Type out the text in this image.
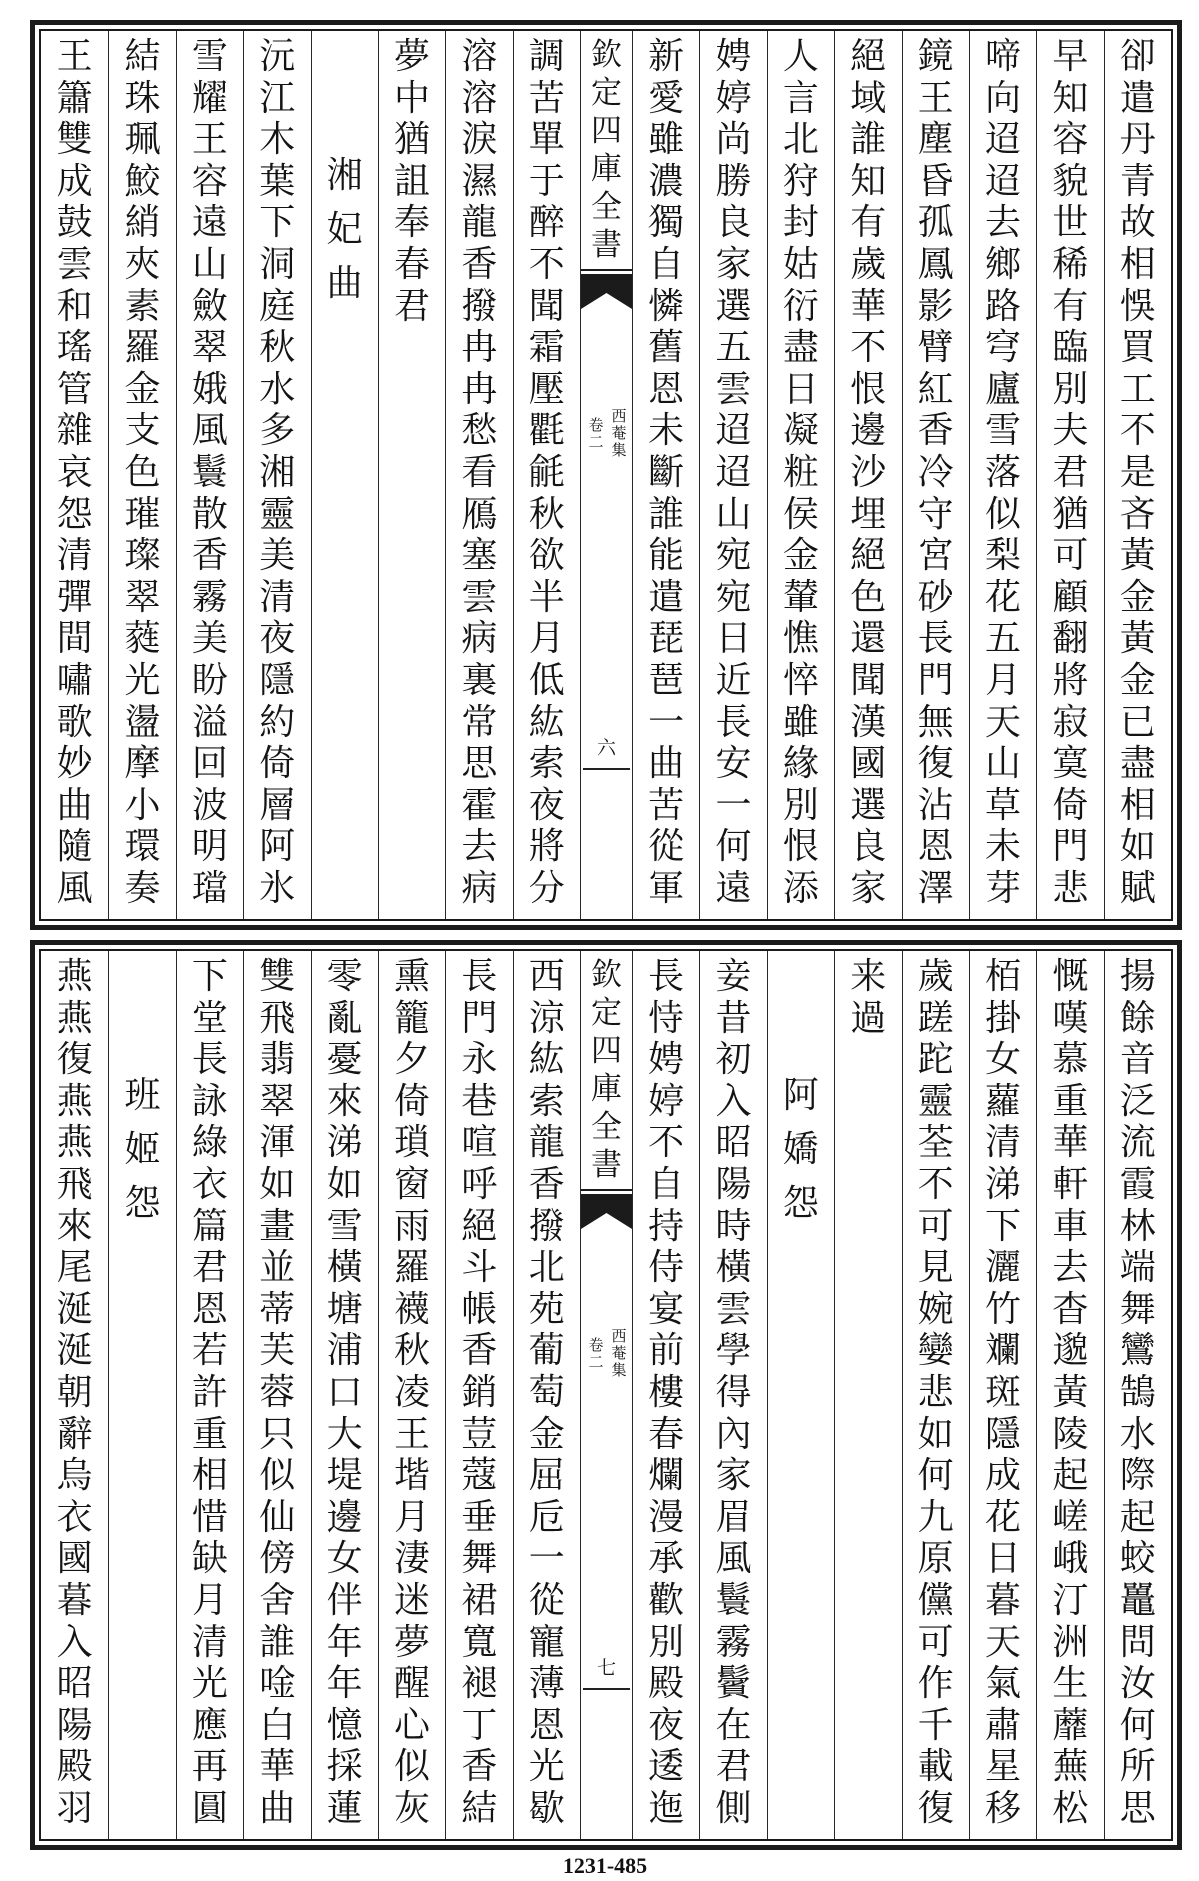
卻
遣
丹
青
故
相
悞
買
工
不
是
吝
黃
金
黃
金
已
盡
相
如
賦
早
知
容
貌
世
稀
有
臨
別
夫
君
猶
可
顧
翻
將
寂
寞
倚
門
悲
啼
向
迢
迢
去
鄉
路
穹
廬
雪
落
似
梨
花
五
月
天
山
草
未
芽
鏡
王
塵
昏
孤
鳳
影
臂
紅
香
冷
守
宮
砂
長
門
無
復
沾
恩
澤
絕
域
誰
知
有
歲
華
不
恨
邊
沙
埋
絕
色
還
聞
漢
國
選
良
家
人
言
北
狩
封
姑
衍
盡
日
凝
粧
侯
金
輦
憔
悴
雖
緣
別
恨
添
娉
婷
尚
勝
良
家
選
五
雲
迢
迢
山
宛
宛
日
近
長
安
一
何
遠
新
愛
雖
濃
獨
自
憐
舊
恩
未
斷
誰
能
遣
琵
琶
一
曲
苦
從
軍
欽
定
四
庫
全
書
西
菴
集
卷
二
六
調
苦
單
于
醉
不
聞
霜
壓
氍
毹
秋
欲
半
月
低
紘
索
夜
將
分
溶
溶
淚
濕
龍
香
撥
冉
冉
愁
看
鴈
塞
雲
病
裏
常
思
霍
去
病
夢
中
猶
詛
奉
春
君
湘
妃
曲
沅
江
木
葉
下
洞
庭
秋
水
多
湘
靈
美
清
夜
隱
約
倚
層
阿
氷
雪
耀
王
容
遠
山
斂
翠
娥
風
鬟
散
香
霧
美
盼
溢
回
波
明
璫
結
珠
珮
鮫
綃
夾
素
羅
金
支
色
璀
璨
翠
蕤
光
盪
摩
小
環
奏
王
簫
雙
成
鼓
雲
和
瑤
管
雜
哀
怨
清
彈
間
嘯
歌
妙
曲
隨
風
揚
餘
音
泛
流
霞
林
端
舞
鸞
鵠
水
際
起
蛟
鼉
問
汝
何
所
思
慨
嘆
慕
重
華
軒
車
去
杳
邈
黃
陵
起
嵯
峨
汀
洲
生
蘼
蕪
松
栢
掛
女
蘿
清
涕
下
灑
竹
斕
斑
隱
成
花
日
暮
天
氣
肅
星
移
歲
蹉
跎
靈
荃
不
可
見
婉
孌
悲
如
何
九
原
儻
可
作
千
載
復
来
過
阿
嬌
怨
妾
昔
初
入
昭
陽
時
橫
雲
學
得
內
家
眉
風
鬟
霧
鬢
在
君
側
長
恃
娉
婷
不
自
持
侍
宴
前
樓
春
爛
漫
承
歡
別
殿
夜
逶
迤
欽
定
四
庫
全
書
西
菴
集
卷
二
七
西
涼
紘
索
龍
香
撥
北
苑
葡
萄
金
屈
卮
一
從
寵
薄
恩
光
歇
長
門
永
巷
喧
呼
絕
斗
帳
香
銷
荳
蔻
垂
舞
裙
寬
褪
丁
香
結
熏
籠
夕
倚
瑣
窗
雨
羅
襪
秋
凌
王
堦
月
淒
迷
夢
醒
心
似
灰
零
亂
憂
來
涕
如
雪
橫
塘
浦
口
大
堤
邊
女
伴
年
年
憶
採
蓮
雙
飛
翡
翠
渾
如
畫
並
蒂
芙
蓉
只
似
仙
傍
舍
誰
唫
白
華
曲
下
堂
長
詠
綠
衣
篇
君
恩
若
許
重
相
惜
缺
月
清
光
應
再
圓
班
姬
怨
燕
燕
復
燕
燕
飛
來
尾
涎
涎
朝
辭
烏
衣
國
暮
入
昭
陽
殿
羽
1231-485
